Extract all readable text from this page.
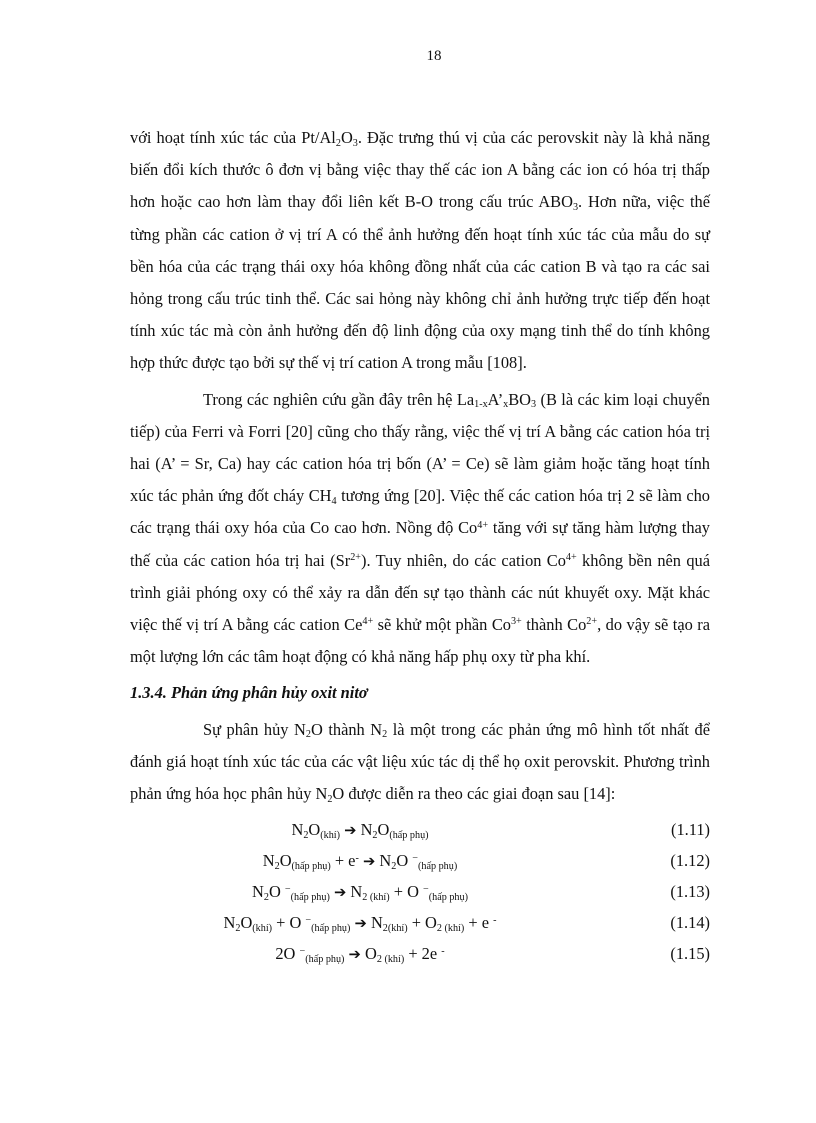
18

với hoạt tính xúc tác của $Pt/Al_2O_3$. Đặc trưng thú vị của các perovskit này là khả năng biến đổi kích thước ô đơn vị bằng việc thay thế các ion A bằng các ion có hóa trị thấp hơn hoặc cao hơn làm thay đổi liên kết B-O trong cấu trúc $ABO_3$. Hơn nữa, việc thế từng phần các cation ở vị trí A có thể ảnh hưởng đến hoạt tính xúc tác của mẫu do sự bền hóa của các trạng thái oxy hóa không đồng nhất của các cation B và tạo ra các sai hỏng trong cấu trúc tinh thể. Các sai hỏng này không chỉ ảnh hưởng trực tiếp đến hoạt tính xúc tác mà còn ảnh hưởng đến độ linh động của oxy mạng tinh thể do tính không hợp thức được tạo bởi sự thế vị trí cation A trong mẫu [108].

Trong các nghiên cứu gần đây trên hệ $La_{1-x}A’_xBO_3$ (B là các kim loại chuyển tiếp) của Ferri và Forri [20] cũng cho thấy rằng, việc thế vị trí A bằng các cation hóa trị hai (A’ = Sr, Ca) hay các cation hóa trị bốn (A’ = Ce) sẽ làm giảm hoặc tăng hoạt tính xúc tác phản ứng đốt cháy $CH_4$ tương ứng [20]. Việc thế các cation hóa trị 2 sẽ làm cho các trạng thái oxy hóa của Co cao hơn. Nồng độ $Co^{4+}$ tăng với sự tăng hàm lượng thay thế của các cation hóa trị hai $(Sr^{2+})$. Tuy nhiên, do các cation $Co^{4+}$ không bền nên quá trình giải phóng oxy có thể xảy ra dẫn đến sự tạo thành các nút khuyết oxy. Mặt khác việc thế vị trí A bằng các cation $Ce^{4+}$ sẽ khử một phần $Co^{3+}$ thành $Co^{2+}$, do vậy sẽ tạo ra một lượng lớn các tâm hoạt động có khả năng hấp phụ oxy từ pha khí.

1.3.4. Phản ứng phân hủy oxit nitơ

Sự phân hủy $N_2O$ thành $N_2$ là một trong các phản ứng mô hình tốt nhất để đánh giá hoạt tính xúc tác của các vật liệu xúc tác dị thể họ oxit perovskit. Phương trình phản ứng hóa học phân hủy $N_2O$ được diễn ra theo các giai đoạn sau [14]:

$N_2O_{(khí)}$ ➔ $N_2O_{(hấp phụ)}$	(1.11)
$N_2O_{(hấp phụ)} + e^-$ ➔ $N_2O$ −$_{(hấp phụ)}$	(1.12)
$N_2O$ −$_{(hấp phụ)}$ ➔ $N_{2 (khí)} + O$ −$_{(hấp phụ)}$	(1.13)
$N_2O_{(khí)} + O$ −$_{(hấp phụ)}$ ➔ $N_{2(khí)} + O_{2 (khí)} + e$ -	(1.14)
2O −$_{(hấp phụ)}$ ➔ $O_{2 (khí)} + 2e$ -	(1.15)
